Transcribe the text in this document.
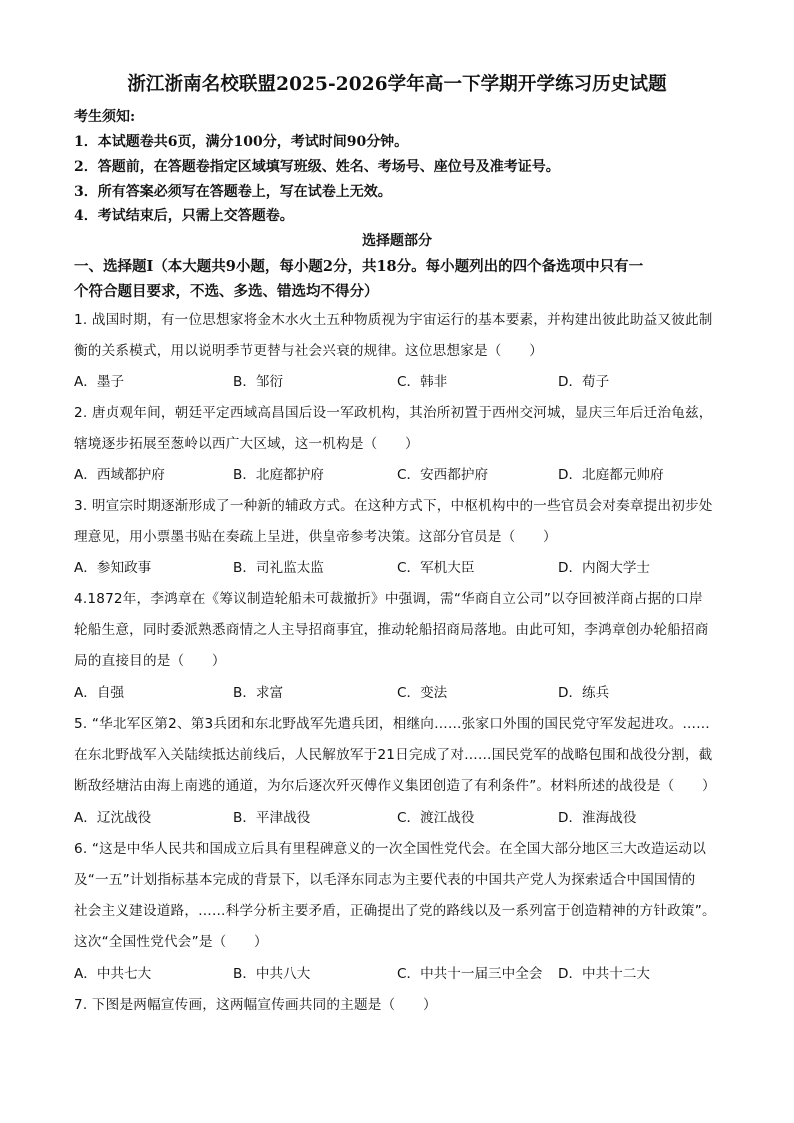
浙江浙南名校联盟2025-2026学年高一下学期开学练习历史试题
考生须知:
1．本试题卷共6页，满分100分，考试时间90分钟。
2．答题前，在答题卷指定区域填写班级、姓名、考场号、座位号及准考证号。
3．所有答案必须写在答题卷上，写在试卷上无效。
4．考试结束后，只需上交答题卷。
选择题部分
一、选择题Ⅰ（本大题共9小题，每小题2分，共18分。每小题列出的四个备选项中只有一
个符合题目要求，不选、多选、错选均不得分）
1. 战国时期，有一位思想家将金木水火土五种物质视为宇宙运行的基本要素，并构建出彼此助益又彼此制
衡的关系模式，用以说明季节更替与社会兴衰的规律。这位思想家是（　　）
A．墨子	B．邹衍	C．韩非	D．荀子
2. 唐贞观年间，朝廷平定西域高昌国后设一军政机构，其治所初置于西州交河城，显庆三年后迁治龟兹，
辖境逐步拓展至葱岭以西广大区域，这一机构是（　　）
A．西域都护府	B．北庭都护府	C．安西都护府	D．北庭都元帅府
3. 明宣宗时期逐渐形成了一种新的辅政方式。在这种方式下，中枢机构中的一些官员会对奏章提出初步处
理意见，用小票墨书贴在奏疏上呈进，供皇帝参考决策。这部分官员是（　　）
A．参知政事	B．司礼监太监	C．军机大臣	D．内阁大学士
4.1872年，李鸿章在《筹议制造轮船未可裁撤折》中强调，需“华商自立公司”以夺回被洋商占据的口岸
轮船生意，同时委派熟悉商情之人主导招商事宜，推动轮船招商局落地。由此可知，李鸿章创办轮船招商
局的直接目的是（　　）
A．自强	B．求富	C．变法	D．练兵
5. “华北军区第2、第3兵团和东北野战军先遣兵团，相继向……张家口外围的国民党守军发起进攻。……
在东北野战军入关陆续抵达前线后，人民解放军于21日完成了对……国民党军的战略包围和战役分割，截
断敌经塘沽由海上南逃的通道，为尔后逐次歼灭傅作义集团创造了有利条件”。材料所述的战役是（　　）
A．辽沈战役	B．平津战役	C．渡江战役	D．淮海战役
6. “这是中华人民共和国成立后具有里程碑意义的一次全国性党代会。在全国大部分地区三大改造运动以
及“一五”计划指标基本完成的背景下，以毛泽东同志为主要代表的中国共产党人为探索适合中国国情的
社会主义建设道路，……科学分析主要矛盾，正确提出了党的路线以及一系列富于创造精神的方针政策”。
这次“全国性党代会”是（　　）
A．中共七大	B．中共八大	C．中共十一届三中全会 D．中共十二大
7. 下图是两幅宣传画，这两幅宣传画共同的主题是（　　）
